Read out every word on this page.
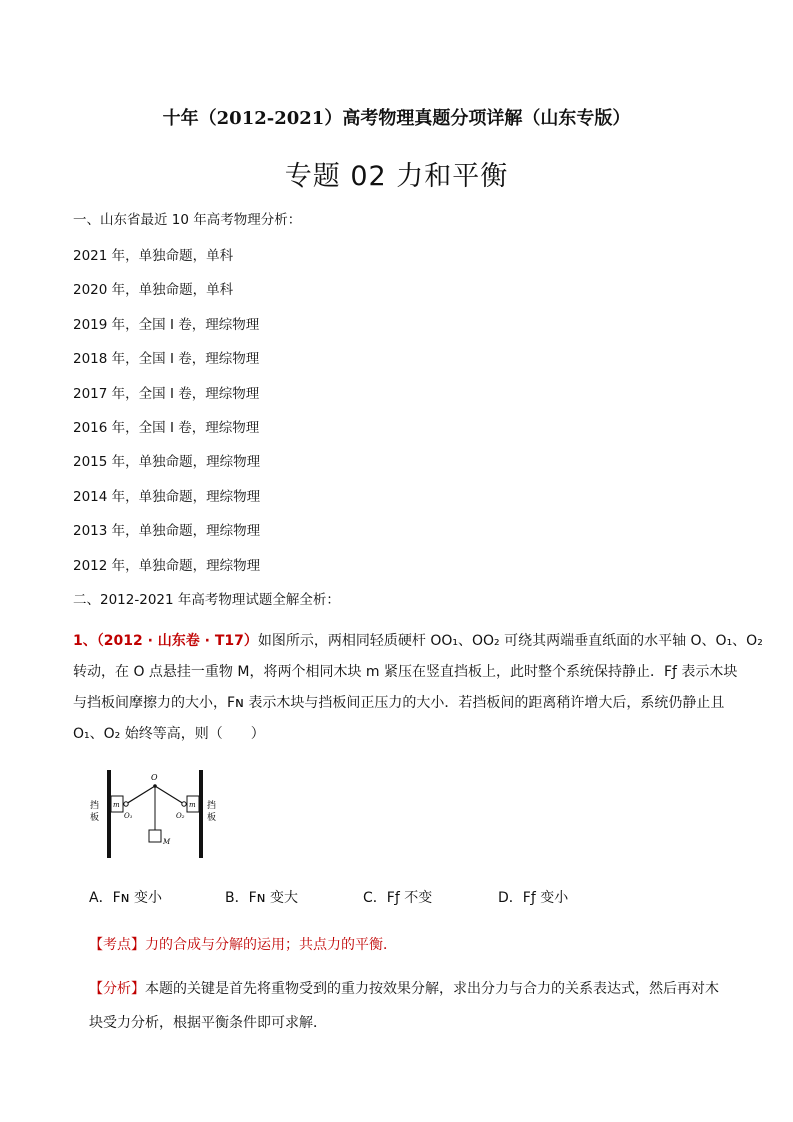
十年（2012-2021）高考物理真题分项详解（山东专版）
专题 02 力和平衡
一、山东省最近 10 年高考物理分析：
2021 年，单独命题，单科
2020 年，单独命题，单科
2019 年，全国 I 卷，理综物理
2018 年，全国 I 卷，理综物理
2017 年，全国 I 卷，理综物理
2016 年，全国 I 卷，理综物理
2015 年，单独命题，理综物理
2014 年，单独命题，理综物理
2013 年，单独命题，理综物理
2012 年，单独命题，理综物理
二、2012-2021 年高考物理试题全解全析：
1、（2012 · 山东卷 · T17）如图所示，两相同轻质硬杆 OO₁、OO₂ 可绕其两端垂直纸面的水平轴 O、O₁、O₂
转动，在 O 点悬挂一重物 M，将两个相同木块 m 紧压在竖直挡板上，此时整个系统保持静止．Fƒ 表示木块
与挡板间摩擦力的大小，Fɴ 表示木块与挡板间正压力的大小．若挡板间的距离稍许增大后，系统仍静止且
O₁、O₂ 始终等高，则（　　）
挡
板
挡
板
m	m
O
O₁	O₂
M
A．Fɴ 变小	B．Fɴ 变大	C．Fƒ 不变	D．Fƒ 变小
【考点】力的合成与分解的运用；共点力的平衡．
【分析】本题的关键是首先将重物受到的重力按效果分解，求出分力与合力的关系表达式，然后再对木
块受力分析，根据平衡条件即可求解．
